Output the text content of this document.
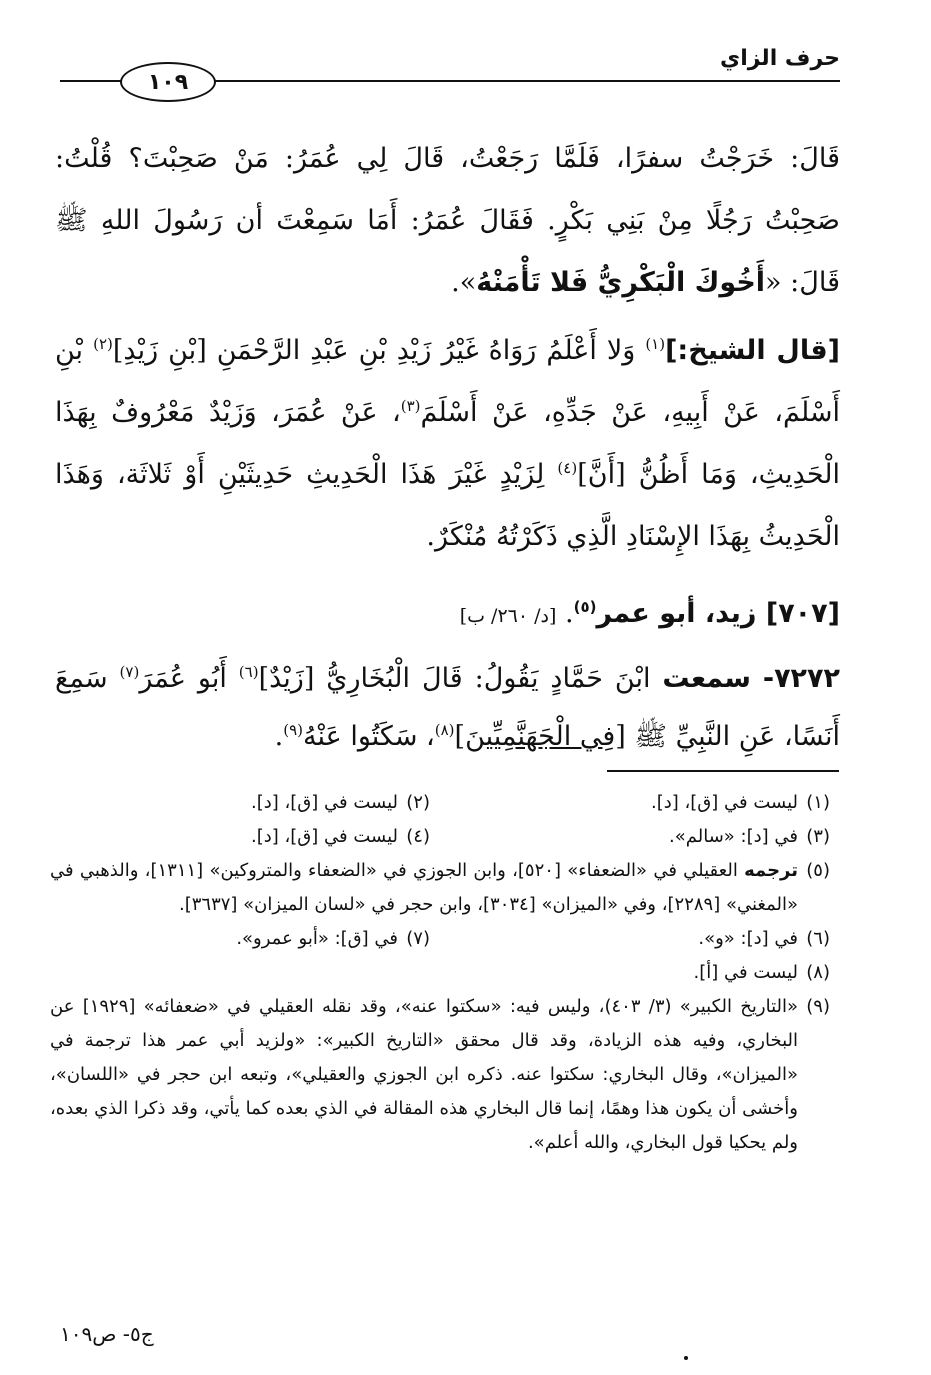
حرف الزاي
١٠٩

قَالَ: خَرَجْتُ سفرًا، فَلَمَّا رَجَعْتُ، قَالَ لِي عُمَرُ: مَنْ صَحِبْتَ؟ قُلْتُ: صَحِبْتُ رَجُلًا مِنْ بَنِي بَكْرٍ. فَقَالَ عُمَرُ: أَمَا سَمِعْتَ أن رَسُولَ اللهِ ﷺ قَالَ: «أَخُوكَ الْبَكْرِيُّ فَلا تَأْمَنْهُ».

[قال الشيخ:]$^{(١)}$ وَلا أَعْلَمُ رَوَاهُ غَيْرُ زَيْدِ بْنِ عَبْدِ الرَّحْمَنِ [بْنِ زَيْدِ]$^{(٢)}$ بْنِ أَسْلَمَ، عَنْ أَبِيهِ، عَنْ جَدِّهِ، عَنْ أَسْلَمَ$^{(٣)}$، عَنْ عُمَرَ، وَزَيْدٌ مَعْرُوفٌ بِهَذَا الْحَدِيثِ، وَمَا أَظُنُّ [أَنَّ]$^{(٤)}$ لِزَيْدٍ غَيْرَ هَذَا الْحَدِيثِ حَدِيثَيْنِ أَوْ ثَلاثَة، وَهَذَا الْحَدِيثُ بِهَذَا الإِسْنَادِ الَّذِي ذَكَرْتُهُ مُنْكَرٌ.

[٧٠٧] زيد، أبو عمر$^{(٥)}$. [د/ ٢٦٠/ ب]
٧٢٧٢- سمعت ابْنَ حَمَّادٍ يَقُولُ: قَالَ الْبُخَارِيُّ [زَيْدٌ]$^{(٦)}$ أَبُو عُمَرَ$^{(٧)}$ سَمِعَ أَنَسًا، عَنِ النَّبِيِّ ﷺ [فِي الْجَهَنَّمِيِّينَ]$^{(٨)}$، سَكَتُوا عَنْهُ$^{(٩)}$.
(١)ليست في [ق]، [د].
(٢)ليست في [ق]، [د].
(٣)في [د]: «سالم».
(٤)ليست في [ق]، [د].
(٥)
ترجمه العقيلي في «الضعفاء» [٥٢٠]، وابن الجوزي في «الضعفاء والمتروكين» [١٣١١]، والذهبي في «المغني» [٢٢٨٩]، وفي «الميزان» [٣٠٣٤]، وابن حجر في «لسان الميزان» [٣٦٣٧].
(٦)في [د]: «و».
(٧)في [ق]: «أبو عمرو».
(٨)ليست في [أ].
(٩)
«التاريخ الكبير» (٣/ ٤٠٣)، وليس فيه: «سكتوا عنه»، وقد نقله العقيلي في «ضعفائه» [١٩٢٩] عن البخاري، وفيه هذه الزيادة، وقد قال محقق «التاريخ الكبير»: «ولزيد أبي عمر هذا ترجمة في «الميزان»، وقال البخاري: سكتوا عنه. ذكره ابن الجوزي والعقيلي»، وتبعه ابن حجر في «اللسان»، وأخشى أن يكون هذا وهمًا، إنما قال البخاري هذه المقالة في الذي بعده كما يأتي، وقد ذكرا الذي بعده، ولم يحكيا قول البخاري، والله أعلم».
ج٥- ص١٠٩
